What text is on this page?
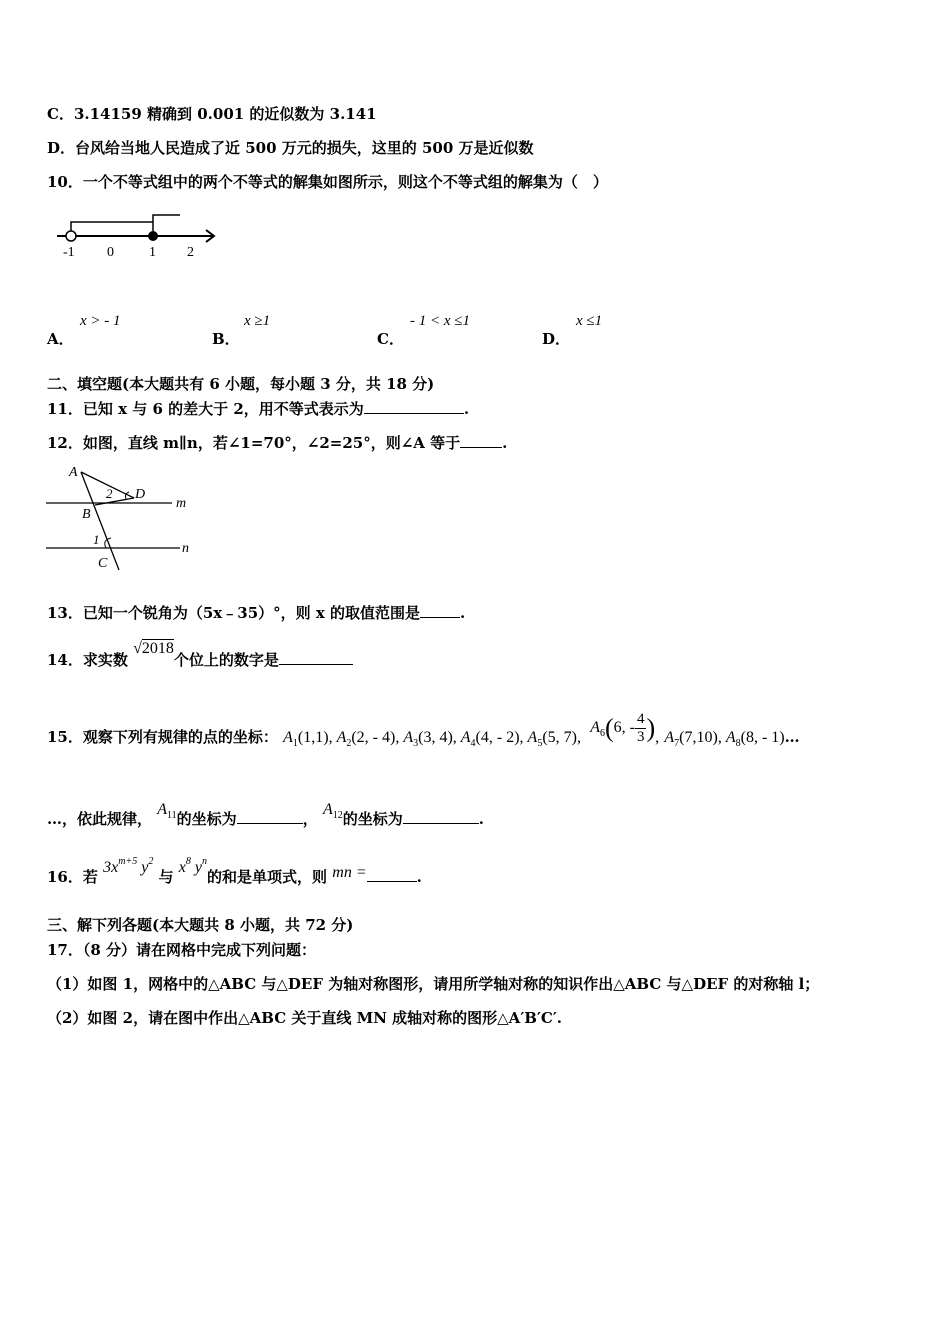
C．3.14159 精确到 0.001 的近似数为 3.141
D．台风给当地人民造成了近 500 万元的损失，这里的 500 万是近似数
10．一个不等式组中的两个不等式的解集如图所示，则这个不等式组的解集为（　）
-1 0	1 2
A．
x > - 1
B．
x ≥1
C．
- 1 < x ≤1
D．
x ≤1
二、填空题(本大题共有 6 小题，每小题 3 分，共 18 分)
11．已知 x 与 6 的差大于 2，用不等式表示为	.
12．如图，直线 m∥n，若∠1=70°，∠2=25°，则∠A 等于	.
A
D
2
m
B
1
n
C
13．已知一个锐角为（5x﹣35）°，则 x 的取值范围是	.
14．求实数 √2018个位上的数字是
15．观察下列有规律的点的坐标： $A_1(1,1)$, $A_2(2$, - 4), $A_3(3$, 4), $A_4(4$, - 2), $A_5(5$, 7), $A_6(6$, - $\frac{4}{3}$ ), $A_7(7,10)$, $A_8(8$, - 1)…
…，依此规律， $A_{11}$的坐标为	， $A_{12}$的坐标为	.
16．若 $3x^{m+5}$ $y^2$ 与 $x^8$ $y^n$的和是单项式，则 mn =	.
三、解下列各题(本大题共 8 小题，共 72 分)
17．（8 分）请在网格中完成下列问题：
（1）如图 1，网格中的△ABC 与△DEF 为轴对称图形，请用所学轴对称的知识作出△ABC 与△DEF 的对称轴 l；
（2）如图 2，请在图中作出△ABC 关于直线 MN 成轴对称的图形△A′B′C′.
